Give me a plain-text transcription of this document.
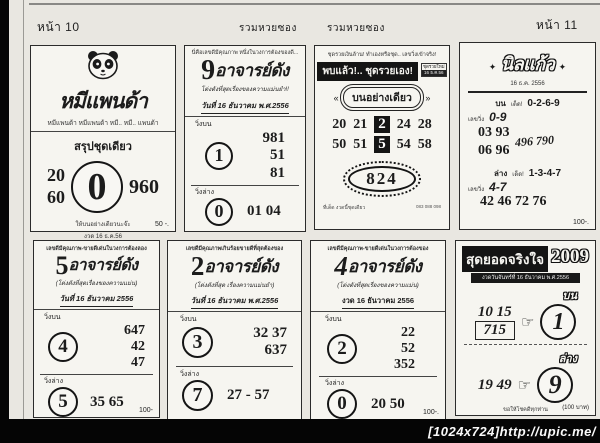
หน้า 10	รวมหวยซอง	รวมหวยซอง	หน้า 11
หมีแพนด้า
หมีแพนด้า หมีแพนด้า หมี.. หมี.. แพนด้า
สรุปชุดเดียว
20
60 0	960
ให้บนอย่างเดียวนะจ๊ะ
งวด 16 ธ.ค.56
50 -.
นี่คือเลขดีมีคุณภาพ หนึ่งในวงการต้องของดี...
9 อาจารย์ดัง
โด่งดังที่สุดเรื่องของความแม่นยำ!!
วันที่ 16 ธันวาคม พ.ศ.2556
วิ่งบน
1
981
51
81
วิ่งล่าง
0	01 04
ชุดรวยเงินล้าน! ทำเองหรือชุด.. เลขวิ่งเข้าจริง!
พบแล้ว!.. ชุดรวยเอง! ชุดรวยใหม่
16 ธ.ค.56
« บนอย่างเดียว »
20 21 2 24 28
50 51 5 54 58
824
ที่เด็ด งวดนี้ชุดเดียว	083 088 098
✦ นิลแก้ว ✦
16 ธ.ค. 2556
บน เด็ด! 0-2-6-9
เลขวิ่ง 0-9
03 93
06 96
496 790
ล่าง เด็ด! 1-3-4-7
เลขวิ่ง 4-7
42 46 72 76
100-.
เลขดีมีคุณภาพ-ขายดีเด่นในวงการต้องลอง
5 อาจารย์ดัง
(โด่งดังที่สุดเรื่องของความแม่น)
วันที่ 16 ธันวาคม 2556
วิ่งบน
4
647
42
47
วิ่งล่าง
5	35 65
100-
เลขดีมีคุณภาพเกินร้อยขายดีที่สุดต้องของ
2 อาจารย์ดัง
(โด่งดังที่สุด เรื่องความแม่นยำ)
วันที่ 16 ธันวาคม พ.ศ.2556
วิ่งบน
3	32 37
637
วิ่งล่าง
7	27 - 57
เลขดีมีคุณภาพ-ขายดีเด่นในวงการต้องของ
4 อาจารย์ดัง
(โด่งดังที่สุดเรื่องของความแม่น)
งวด 16 ธันวาคม 2556
วิ่งบน
2
22
52
352
วิ่งล่าง
0	20 50
100-.
สุดยอดจริงใจ 2009
งวดวันจันทร์ที่ 16 ธันวาคม พ.ศ.2556
บน
10 15
715	☞ 1
ล่าง
19 49 ☞ 9
ขอให้โชคดีทุกท่าน	(100 บาท)
[1024x724]http://upic.me/
